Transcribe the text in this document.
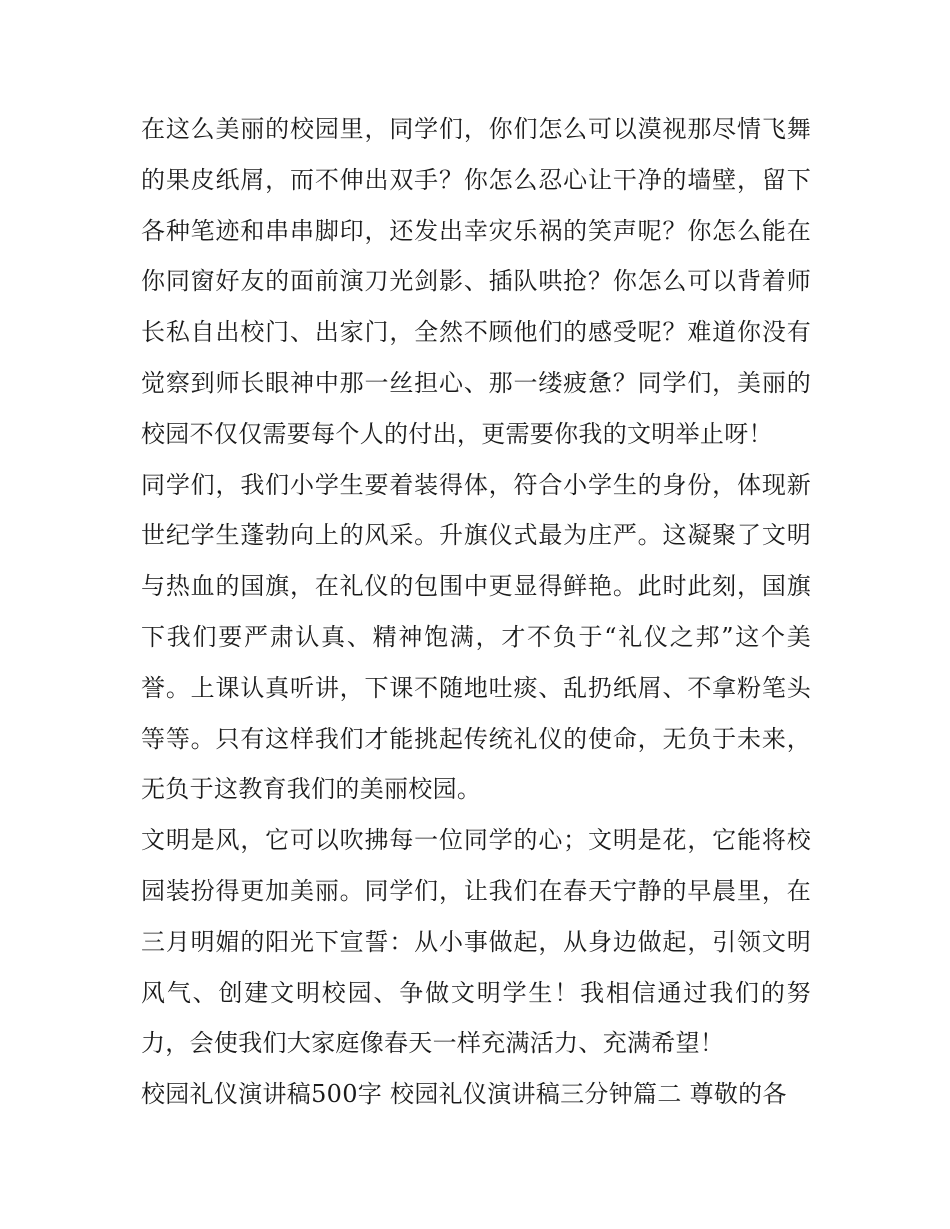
在这么美丽的校园里，同学们，你们怎么可以漠视那尽情飞舞的果皮纸屑，而不伸出双手？你怎么忍心让干净的墙壁，留下各种笔迹和串串脚印，还发出幸灾乐祸的笑声呢？你怎么能在你同窗好友的面前演刀光剑影、插队哄抢？你怎么可以背着师长私自出校门、出家门，全然不顾他们的感受呢？难道你没有觉察到师长眼神中那一丝担心、那一缕疲惫？同学们，美丽的校园不仅仅需要每个人的付出，更需要你我的文明举止呀！

同学们，我们小学生要着装得体，符合小学生的身份，体现新世纪学生蓬勃向上的风采。升旗仪式最为庄严。这凝聚了文明与热血的国旗，在礼仪的包围中更显得鲜艳。此时此刻，国旗下我们要严肃认真、精神饱满，才不负于“礼仪之邦”这个美誉。上课认真听讲，下课不随地吐痰、乱扔纸屑、不拿粉笔头等等。只有这样我们才能挑起传统礼仪的使命，无负于未来，无负于这教育我们的美丽校园。

文明是风，它可以吹拂每一位同学的心；文明是花，它能将校园装扮得更加美丽。同学们，让我们在春天宁静的早晨里，在三月明媚的阳光下宣誓：从小事做起，从身边做起，引领文明风气、创建文明校园、争做文明学生！我相信通过我们的努力，会使我们大家庭像春天一样充满活力、充满希望！

校园礼仪演讲稿500字 校园礼仪演讲稿三分钟篇二 尊敬的各
